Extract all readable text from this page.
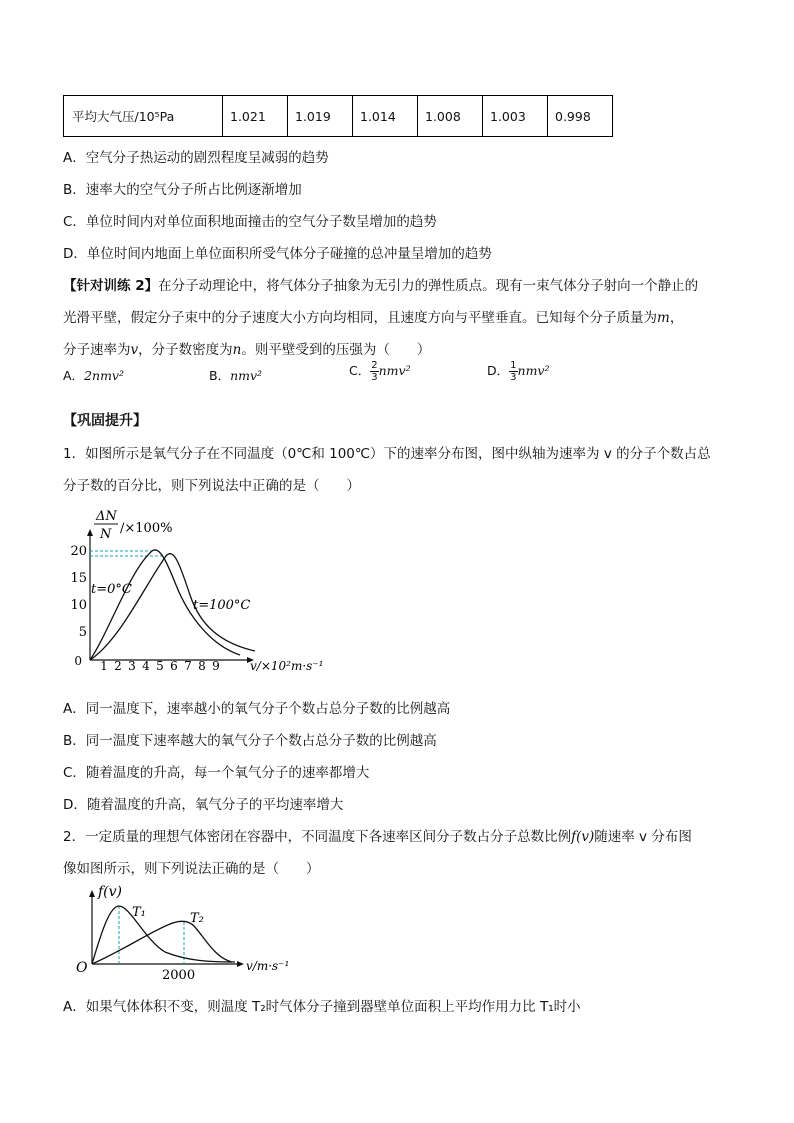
平均大气压/10⁵Pa	1.021	1.019	1.014	1.008	1.003	0.998
A．空气分子热运动的剧烈程度呈减弱的趋势
B．速率大的空气分子所占比例逐渐增加
C．单位时间内对单位面积地面撞击的空气分子数呈增加的趋势
D．单位时间内地面上单位面积所受气体分子碰撞的总冲量呈增加的趋势
【针对训练 2】在分子动理论中，将气体分子抽象为无引力的弹性质点。现有一束气体分子射向一个静止的
光滑平壁，假定分子束中的分子速度大小方向均相同，且速度方向与平壁垂直。已知每个分子质量为m，
分子速率为v，分子数密度为n。则平壁受到的压强为（　　）
A．2nmv²	B．nmv²	C． $\frac{2}{3} nmv^2$	D． $\frac{1}{3} nmv^2$
【巩固提升】
1．如图所示是氧气分子在不同温度（0℃和 100℃）下的速率分布图，图中纵轴为速率为 v 的分子个数占总
分子数的百分比，则下列说法中正确的是（　　）
ΔN
N /×100%
0
5
10
15
20
1 2 3 4 5 6 7 8 9
t=0°C
t=100°C
v/×10²m·s⁻¹
A．同一温度下，速率越小的氧气分子个数占总分子数的比例越高
B．同一温度下速率越大的氧气分子个数占总分子数的比例越高
C．随着温度的升高，每一个氧气分子的速率都增大
D．随着温度的升高，氧气分子的平均速率增大
2．一定质量的理想气体密闭在容器中，不同温度下各速率区间分子数占分子总数比例f(v)随速率 v 分布图
像如图所示，则下列说法正确的是（　　）
f(v)
O
T₁	T₂
2000
v/m·s⁻¹
A．如果气体体积不变，则温度 T₂时气体分子撞到器壁单位面积上平均作用力比 T₁时小
